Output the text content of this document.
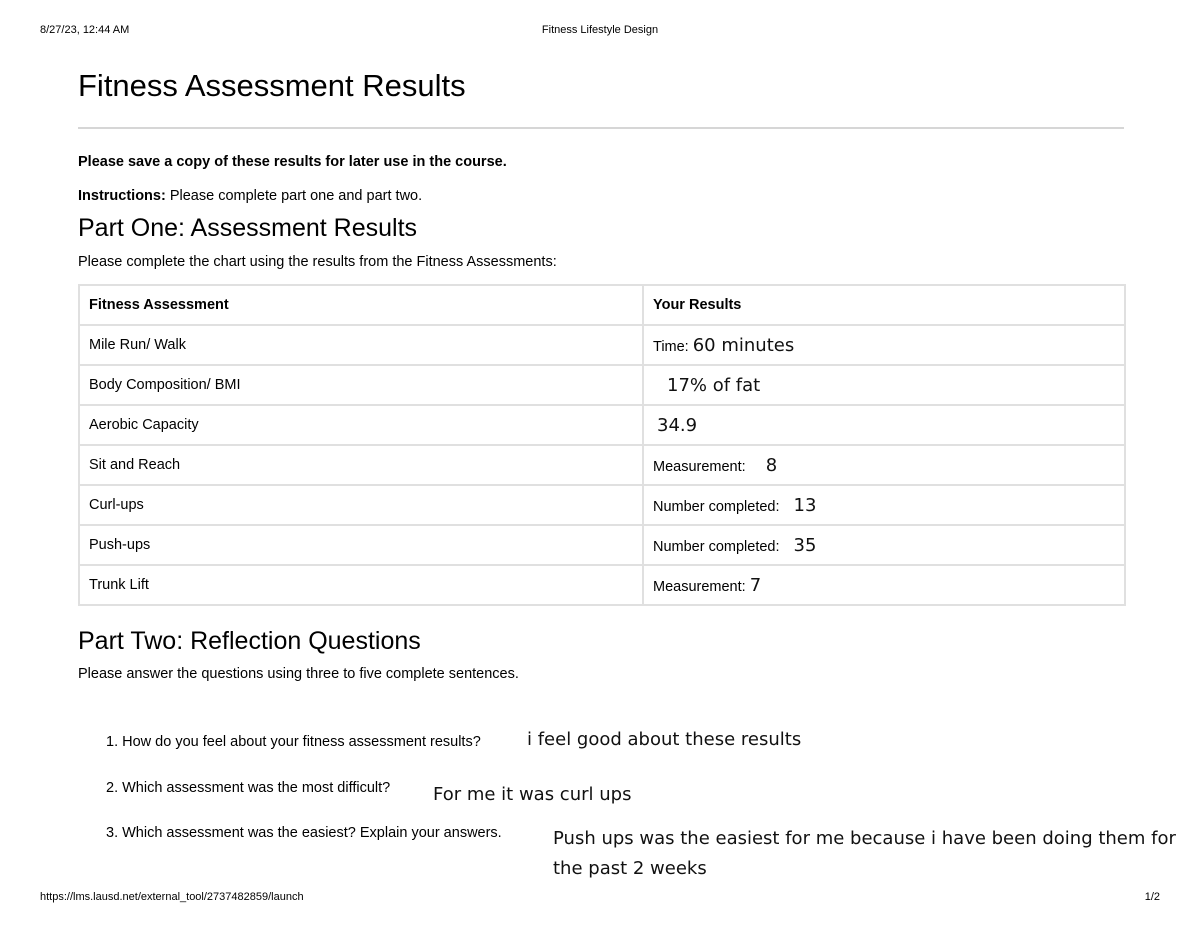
Fitness Lifestyle Design
8/27/23, 12:44 AM
Fitness Assessment Results

Please save a copy of these results for later use in the course.

Instructions: Please complete part one and part two.

Part One: Assessment Results

Please complete the chart using the results from the Fitness Assessments:

Fitness Assessment	Your Results
Mile Run/ Walk	Time: 60 minutes
Body Composition/ BMI	17% of fat
Aerobic Capacity	34.9
Sit and Reach	Measurement: 8
Curl-ups	Number completed: 13
Push-ups	Number completed: 35
Trunk Lift	Measurement: 7
Part Two: Reflection Questions

Please answer the questions using three to five complete sentences.

1. How do you feel about your fitness assessment results?	i feel good about these results
2. Which assessment was the most difficult? For me it was curl ups
3. Which assessment was the easiest? Explain your answers.	Push ups was the easiest for me because i have been doing them for
the past 2 weeks
https://lms.lausd.net/external_tool/2737482859/launch	1/2
